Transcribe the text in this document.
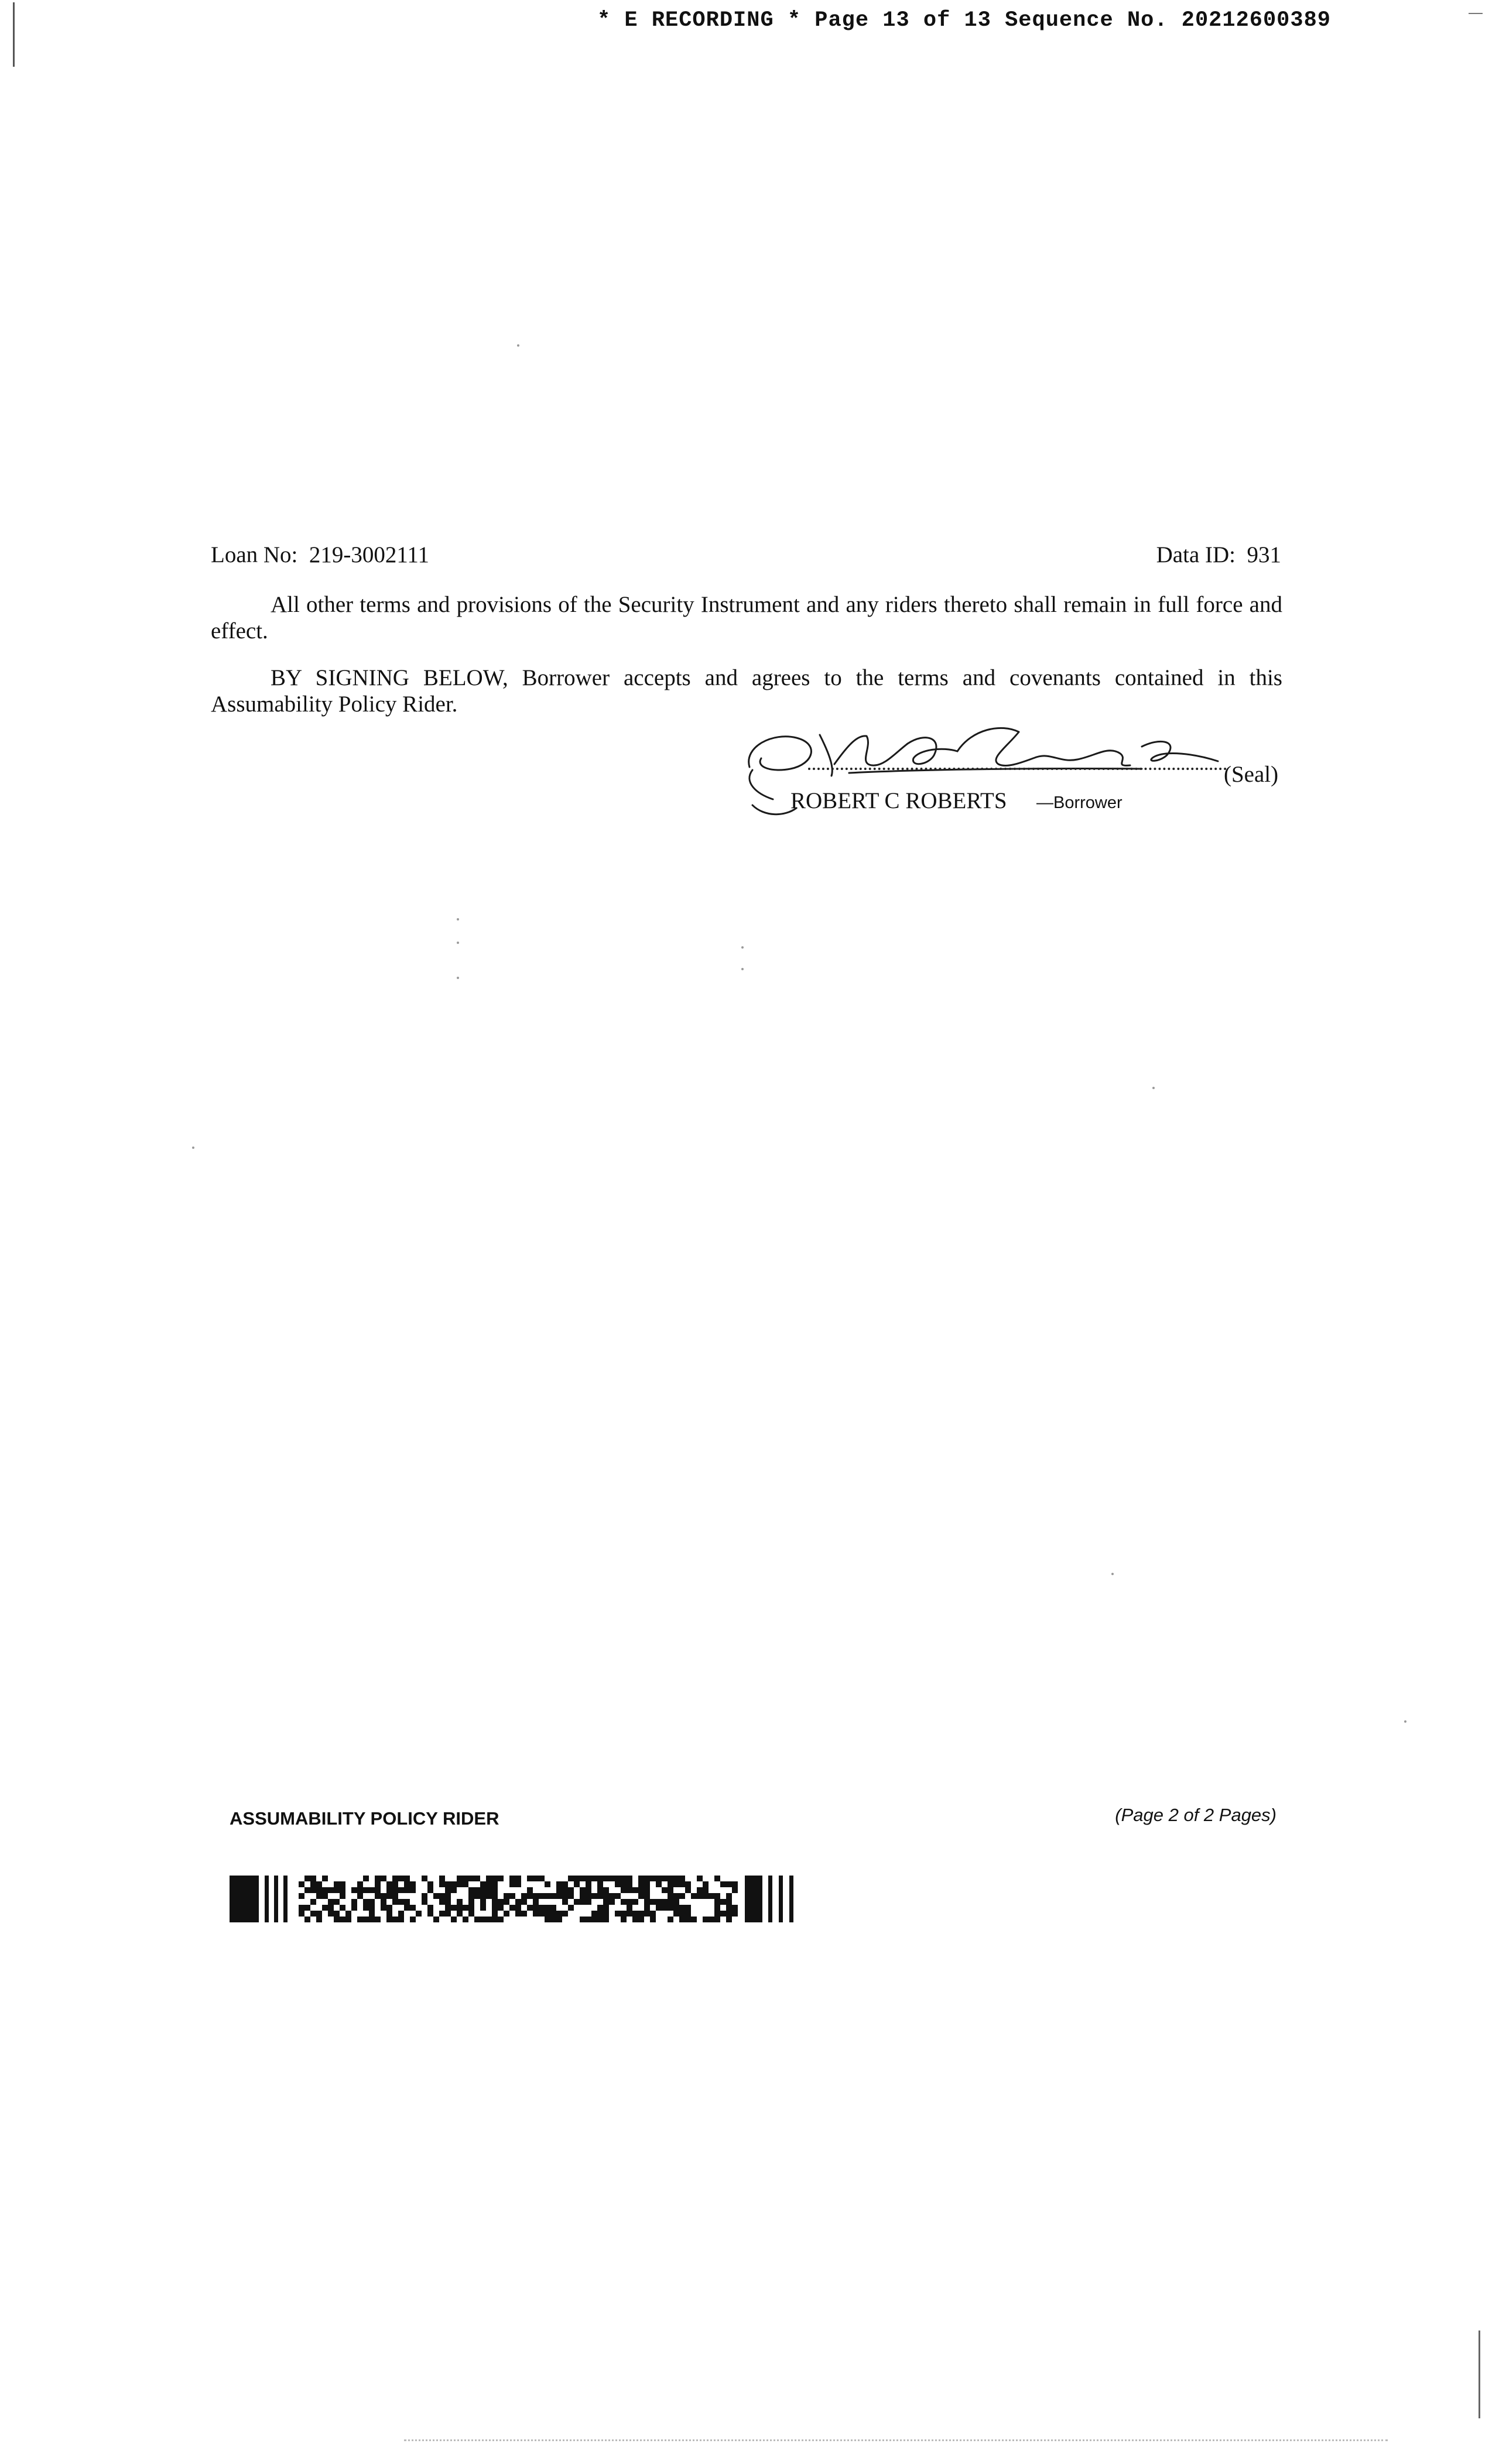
* E RECORDING * Page 13 of 13 Sequence No. 20212600389
Loan No:  219-3002111	Data ID:  931
All other terms and provisions of the Security Instrument and any riders thereto shall remain in full force and effect.
BY SIGNING BELOW, Borrower accepts and agrees to the terms and covenants contained in this Assumability Policy Rider.
(Seal)
ROBERT C ROBERTS —Borrower
ASSUMABILITY POLICY RIDER	(Page 2 of 2 Pages)
